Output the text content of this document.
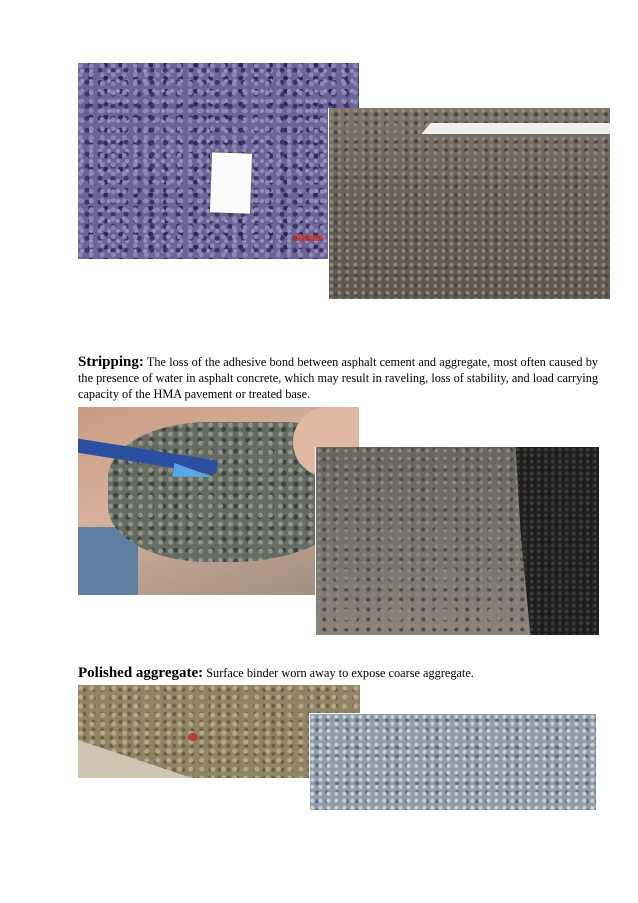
Stripping: The loss of the adhesive bond between asphalt cement and aggregate, most often caused by the presence of water in asphalt concrete, which may result in raveling, loss of stability, and load carrying capacity of the HMA pavement or treated base.

Polished aggregate: Surface binder worn away to expose coarse aggregate.
